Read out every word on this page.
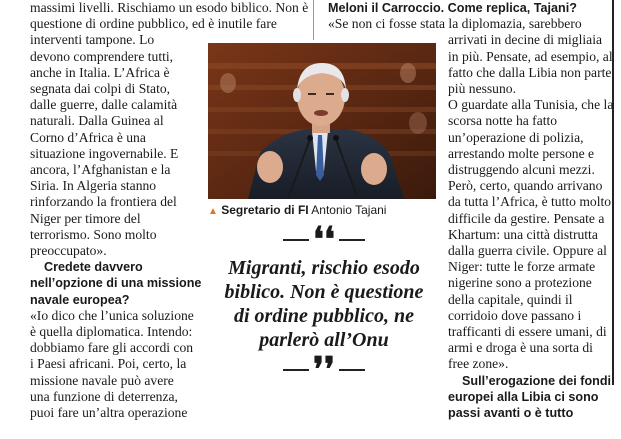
massimi livelli. Rischiamo un esodo biblico. Non è
questione di ordine pubblico, ed è inutile fare
interventi tampone. Lo
devono comprendere tutti,
anche in Italia. L’Africa è
segnata dai colpi di Stato,
dalle guerre, dalle calamità
naturali. Dalla Guinea al
Corno d’Africa è una
situazione ingovernabile. E
ancora, l’Afghanistan e la
Siria. In Algeria stanno
rinforzando la frontiera del
Niger per timore del
terrorismo. Sono molto
preoccupato».
Credete davvero
nell’opzione di una missione
navale europea?
«Io dico che l’unica soluzione
è quella diplomatica. Intendo:
dobbiamo fare gli accordi con
i Paesi africani. Poi, certo, la
missione navale può avere
una funzione di deterrenza,
puoi fare un’altra operazione
▲ Segretario di FI Antonio Tajani
❛❛
Migranti, rischio esodo
biblico. Non è questione
di ordine pubblico, ne
parlerò all’Onu
❜❜
Meloni il Carroccio. Come replica, Tajani?
«Se non ci fosse stata la diplomazia, sarebbero
arrivati in decine di migliaia
in più. Pensate, ad esempio, al
fatto che dalla Libia non parte
più nessuno.
O guardate alla Tunisia, che la
scorsa notte ha fatto
un’operazione di polizia,
arrestando molte persone e
distruggendo alcuni mezzi.
Però, certo, quando arrivano
da tutta l’Africa, è tutto molto
difficile da gestire. Pensate a
Khartum: una città distrutta
dalla guerra civile. Oppure al
Niger: tutte le forze armate
nigerine sono a protezione
della capitale, quindi il
corridoio dove passano i
trafficanti di essere umani, di
armi e droga è una sorta di
free zone».
Sull’erogazione dei fondi
europei alla Libia ci sono
passi avanti o è tutto
